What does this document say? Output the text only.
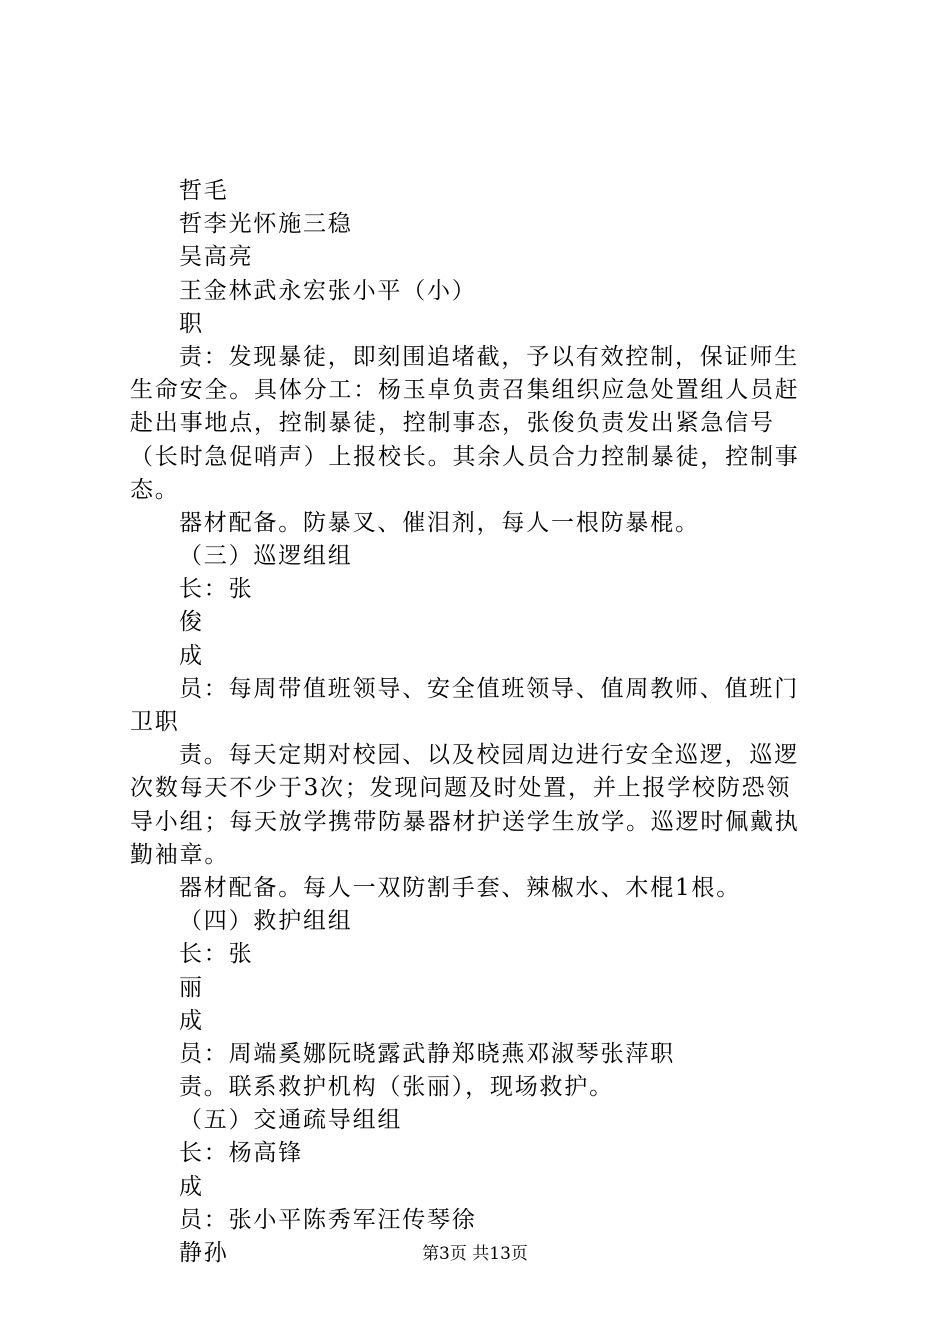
哲毛
哲李光怀施三稳
吴高亮
王金林武永宏张小平（小）
职
责：发现暴徒，即刻围追堵截，予以有效控制，保证师生
生命安全。具体分工：杨玉卓负责召集组织应急处置组人员赶
赴出事地点，控制暴徒，控制事态，张俊负责发出紧急信号
（长时急促哨声）上报校长。其余人员合力控制暴徒，控制事
态。
器材配备。防暴叉、催泪剂，每人一根防暴棍。
（三）巡逻组组
长：张
俊
成
员：每周带值班领导、安全值班领导、值周教师、值班门
卫职
责。每天定期对校园、以及校园周边进行安全巡逻，巡逻
次数每天不少于3次；发现问题及时处置，并上报学校防恐领
导小组；每天放学携带防暴器材护送学生放学。巡逻时佩戴执
勤袖章。
器材配备。每人一双防割手套、辣椒水、木棍1根。
（四）救护组组
长：张
丽
成
员：周端奚娜阮晓露武静郑晓燕邓淑琴张萍职
责。联系救护机构（张丽），现场救护。
（五）交通疏导组组
长：杨高锋
成
员：张小平陈秀军汪传琴徐
静孙	第3页 共13页
